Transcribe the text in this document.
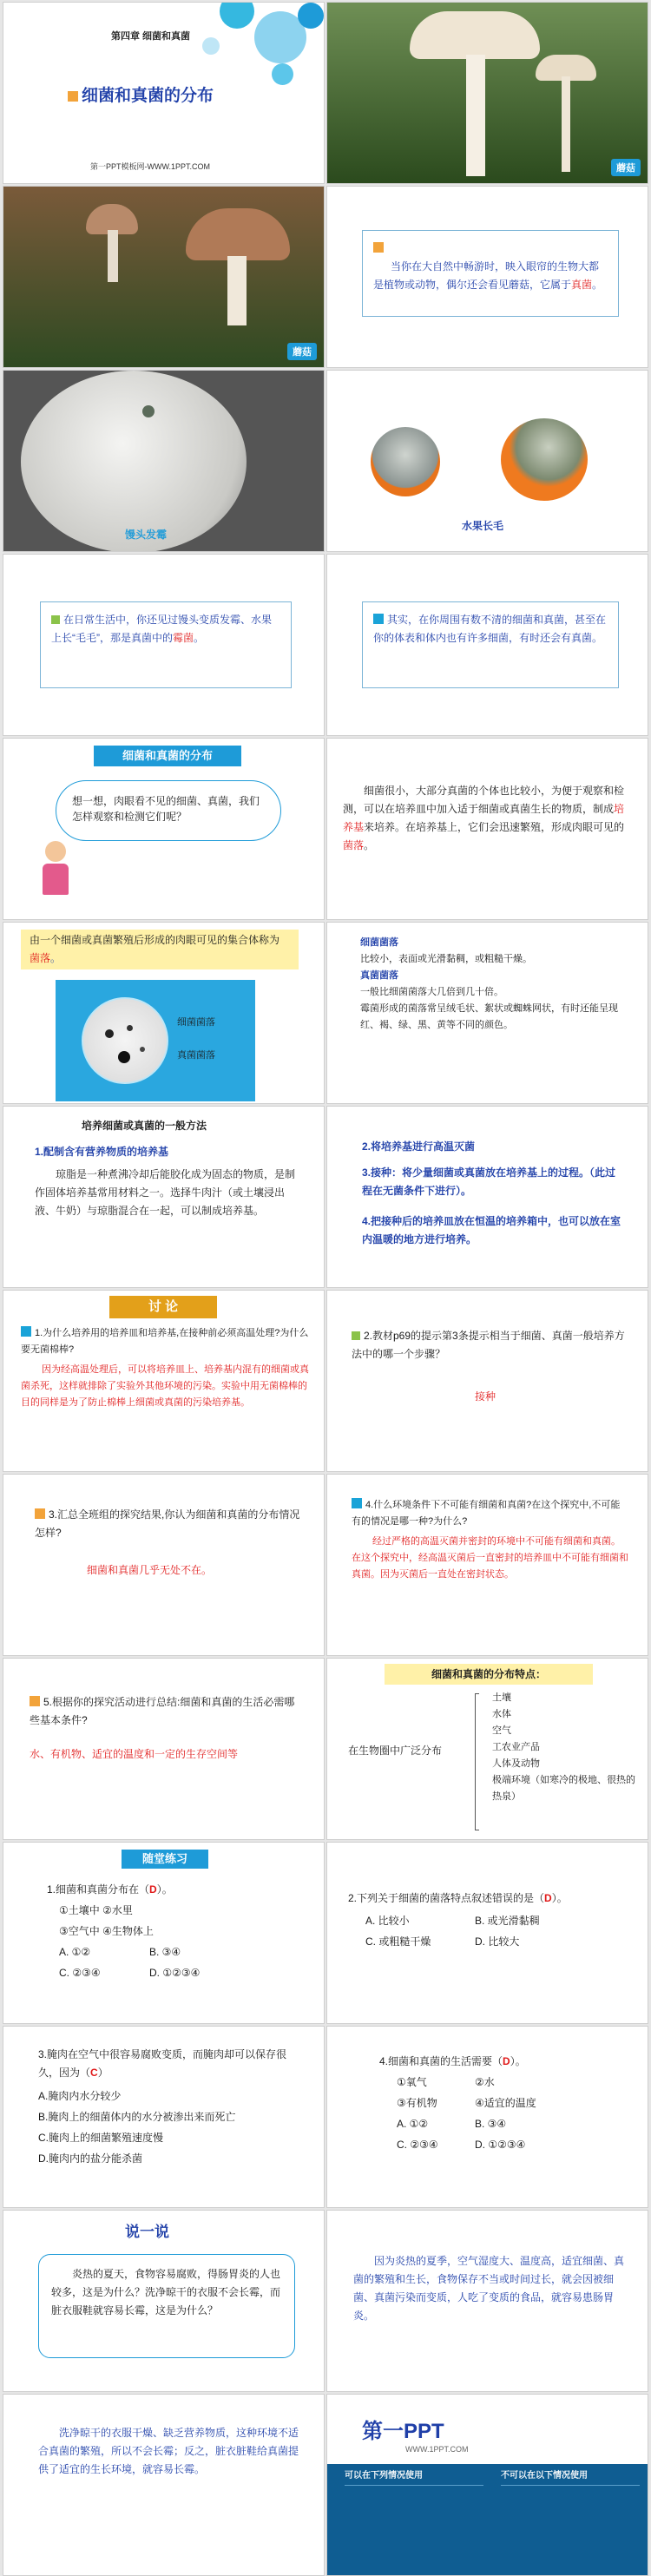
第四章 细菌和真菌
细菌和真菌的分布
第一PPT模板网-WWW.1PPT.COM	蘑菇
蘑菇

当你在大自然中畅游时，映入眼帘的生物大都是植物或动物，偶尔还会看见蘑菇，它属于真菌。
馒头发霉
水果长毛
在日常生活中，你还见过馒头变质发霉、水果上长“毛毛”，那是真菌中的霉菌。
其实，在你周围有数不清的细菌和真菌，甚至在你的体表和体内也有许多细菌，有时还会有真菌。
细菌和真菌的分布
想一想，肉眼看不见的细菌、真菌，我们怎样观察和检测它们呢？
细菌很小，大部分真菌的个体也比较小，为便于观察和检测，可以在培养皿中加入适于细菌或真菌生长的物质，制成培养基来培养。在培养基上，它们会迅速繁殖，形成肉眼可见的菌落。
由一个细菌或真菌繁殖后形成的肉眼可见的集合体称为菌落。
细菌菌落
真菌菌落
细菌菌落
比较小，表面或光滑黏稠，或粗糙干燥。
真菌菌落
一般比细菌菌落大几倍到几十倍。
霉菌形成的菌落常呈绒毛状、絮状或蜘蛛网状，有时还能呈现红、褐、绿、黑、黄等不同的颜色。
培养细菌或真菌的一般方法
1.配制含有营养物质的培养基
琼脂是一种煮沸冷却后能胶化成为固态的物质，是制作固体培养基常用材料之一。选择牛肉汁（或土壤浸出液、牛奶）与琼脂混合在一起，可以制成培养基。
2.将培养基进行高温灭菌
3.接种：将少量细菌或真菌放在培养基上的过程。（此过程在无菌条件下进行）。
4.把接种后的培养皿放在恒温的培养箱中，也可以放在室内温暖的地方进行培养。
讨 论
1.为什么培养用的培养皿和培养基,在接种前必须高温处理?为什么要无菌棉棒?
因为经高温处理后，可以将培养皿上、培养基内混有的细菌或真菌杀死，这样就排除了实验外其他环境的污染。实验中用无菌棉棒的目的同样是为了防止棉棒上细菌或真菌的污染培养基。
2.教材p69的提示第3条提示相当于细菌、真菌一般培养方法中的哪一个步骤？
接种
3.汇总全班组的探究结果,你认为细菌和真菌的分布情况怎样?
细菌和真菌几乎无处不在。
4.什么环境条件下不可能有细菌和真菌?在这个探究中,不可能有的情况是哪一种?为什么?
经过严格的高温灭菌并密封的环境中不可能有细菌和真菌。在这个探究中，经高温灭菌后一直密封的培养皿中不可能有细菌和真菌。因为灭菌后一直处在密封状态。
5.根据你的探究活动进行总结:细菌和真菌的生活必需哪些基本条件?
水、有机物、适宜的温度和一定的生存空间等
细菌和真菌的分布特点：
在生物圈中广泛分布
土壤
水体
空气
工农业产品
人体及动物
极端环境（如寒冷的极地、很热的热泉）
随堂练习
1.细菌和真菌分布在（D）。
①土壤中 ②水里
③空气中 ④生物体上
A. ①②	B. ③④
C. ②③④	D. ①②③④
2.下列关于细菌的菌落特点叙述错误的是（D）。
A. 比较小	B. 或光滑黏稠
C. 或粗糙干燥	D. 比较大
3.腌肉在空气中很容易腐败变质，而腌肉却可以保存很久，因为（C）
A.腌肉内水分较少
B.腌肉上的细菌体内的水分被渗出来而死亡
C.腌肉上的细菌繁殖速度慢
D.腌肉内的盐分能杀菌
4.细菌和真菌的生活需要（D）。
①氧气	②水
③有机物	④适宜的温度
A. ①②	B. ③④
C. ②③④	D. ①②③④
说一说
炎热的夏天，食物容易腐败，得肠胃炎的人也较多，这是为什么？洗净晾干的衣服不会长霉，而脏衣服鞋就容易长霉，这是为什么？
因为炎热的夏季，空气湿度大、温度高，适宜细菌、真菌的繁殖和生长，食物保存不当或时间过长，就会因被细菌、真菌污染而变质，人吃了变质的食品，就容易患肠胃炎。
洗净晾干的衣服干燥、缺乏营养物质，这种环境不适合真菌的繁殖，所以不会长霉；反之，脏衣脏鞋给真菌提供了适宜的生长环境，就容易长霉。
第一PPT
WWW.1PPT.COM
可以在下列情况使用	不可以在以下情况使用
